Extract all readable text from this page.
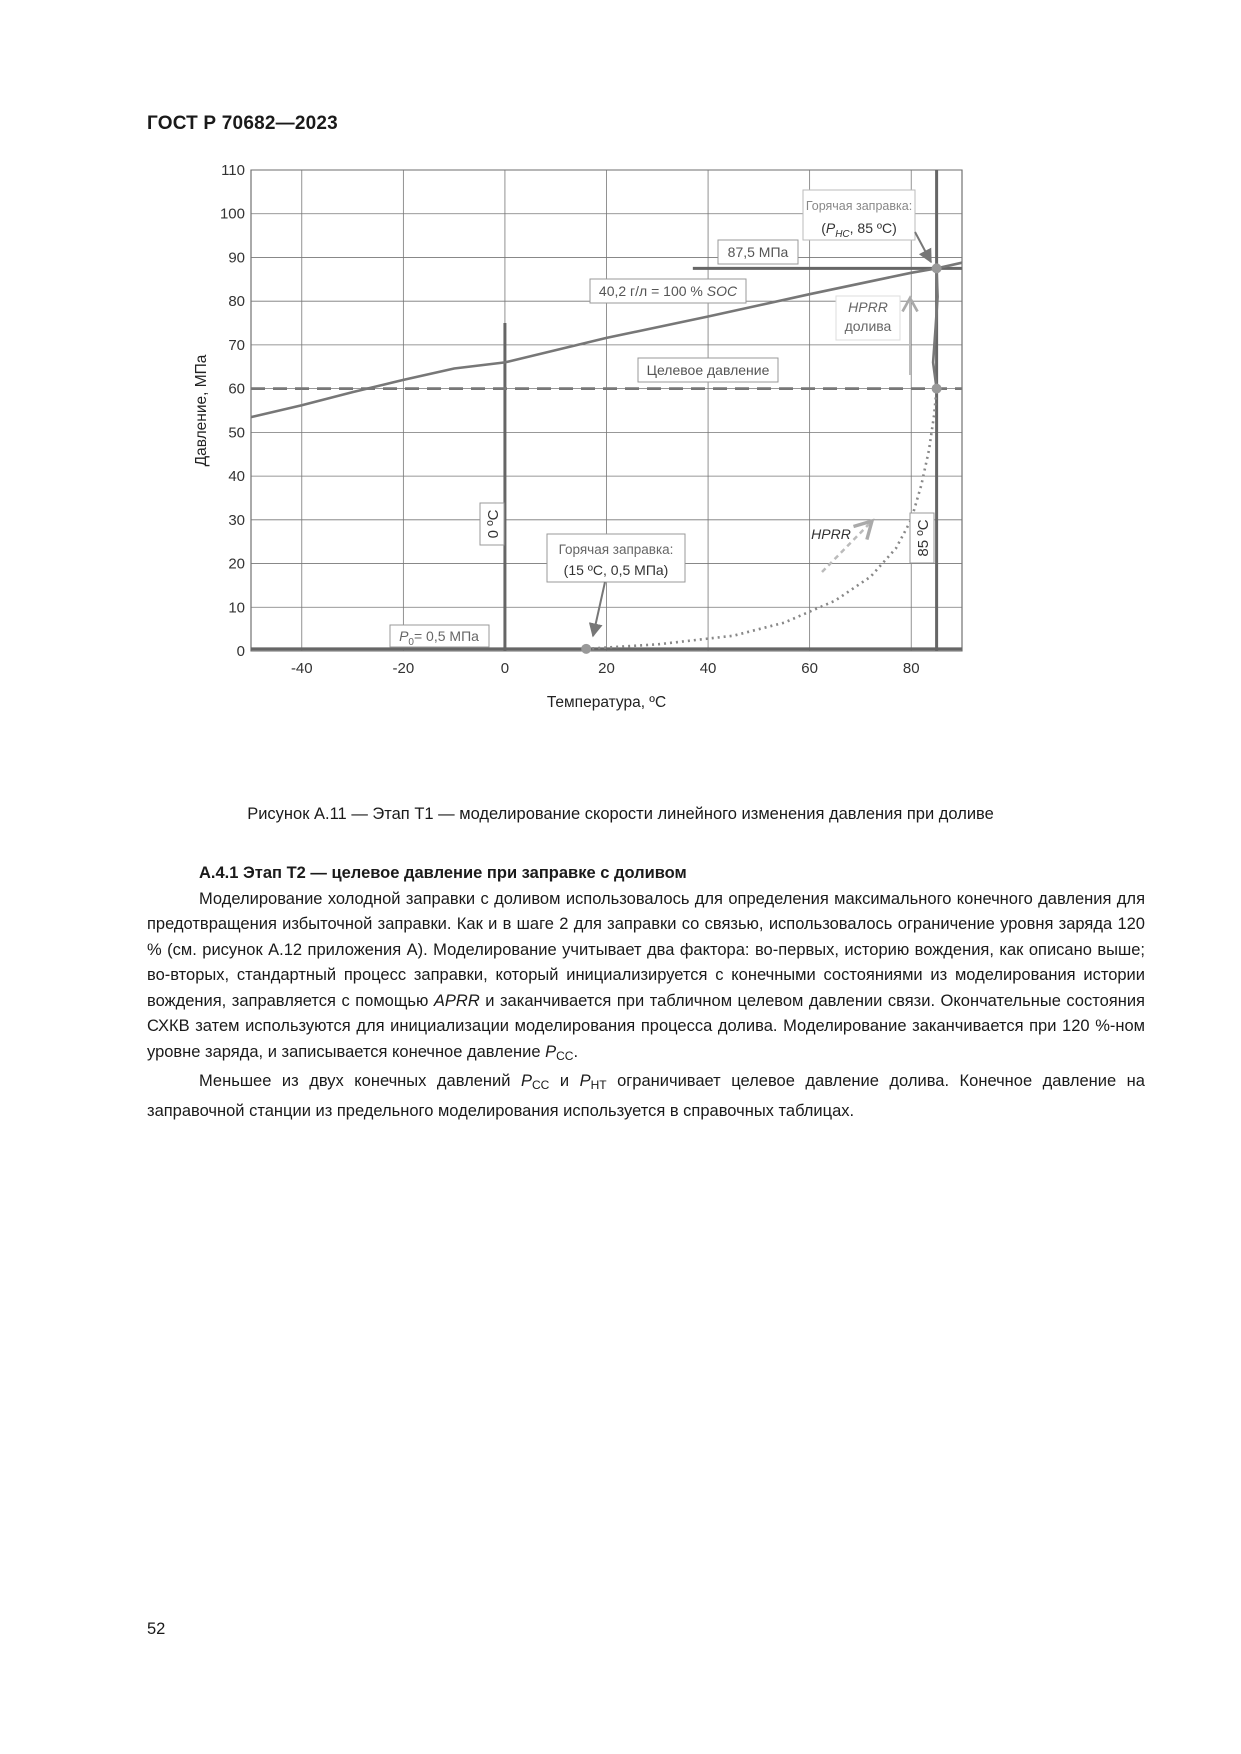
ГОСТ Р 70682—2023
-40	-20	0	20	40	60	80
0
10
20
30
40
50
60
70
80
90
100
110
Температура, ºС
Давление, МПа
0 ºС	85 ºС
87,5 МПа
40,2 г/л = 100 % SOC
Целевое давление
$P_0= 0,5$ МПа
Горячая заправка:
(15 ºС, 0,5 МПа)
Горячая заправка:
($P_{HC}$, 85 ºC)
HPRR
долива
HPRR
Рисунок А.11 — Этап Т1 — моделирование скорости линейного изменения давления при доливе
А.4.1 Этап Т2 — целевое давление при заправке с доливом

Моделирование холодной заправки с доливом использовалось для определения максимального конечного давления для предотвращения избыточной заправки. Как и в шаге 2 для заправки со связью, использовалось ограничение уровня заряда 120 % (см. рисунок А.12 приложения А). Моделирование учитывает два фактора: во-первых, историю вождения, как описано выше; во-вторых, стандартный процесс заправки, который инициализируется с конечными состояниями из моделирования истории вождения, заправляется с помощью APRR и заканчивается при табличном целевом давлении связи. Окончательные состояния СХКВ затем используются для инициализации моделирования процесса долива. Моделирование заканчивается при 120 %-ном уровне заряда, и записывается конечное давление $P_{CC}$.

Меньшее из двух конечных давлений $P_{CC}$ и $P_{HT}$ ограничивает целевое давление долива. Конечное давление на заправочной станции из предельного моделирования используется в справочных таблицах.

52
